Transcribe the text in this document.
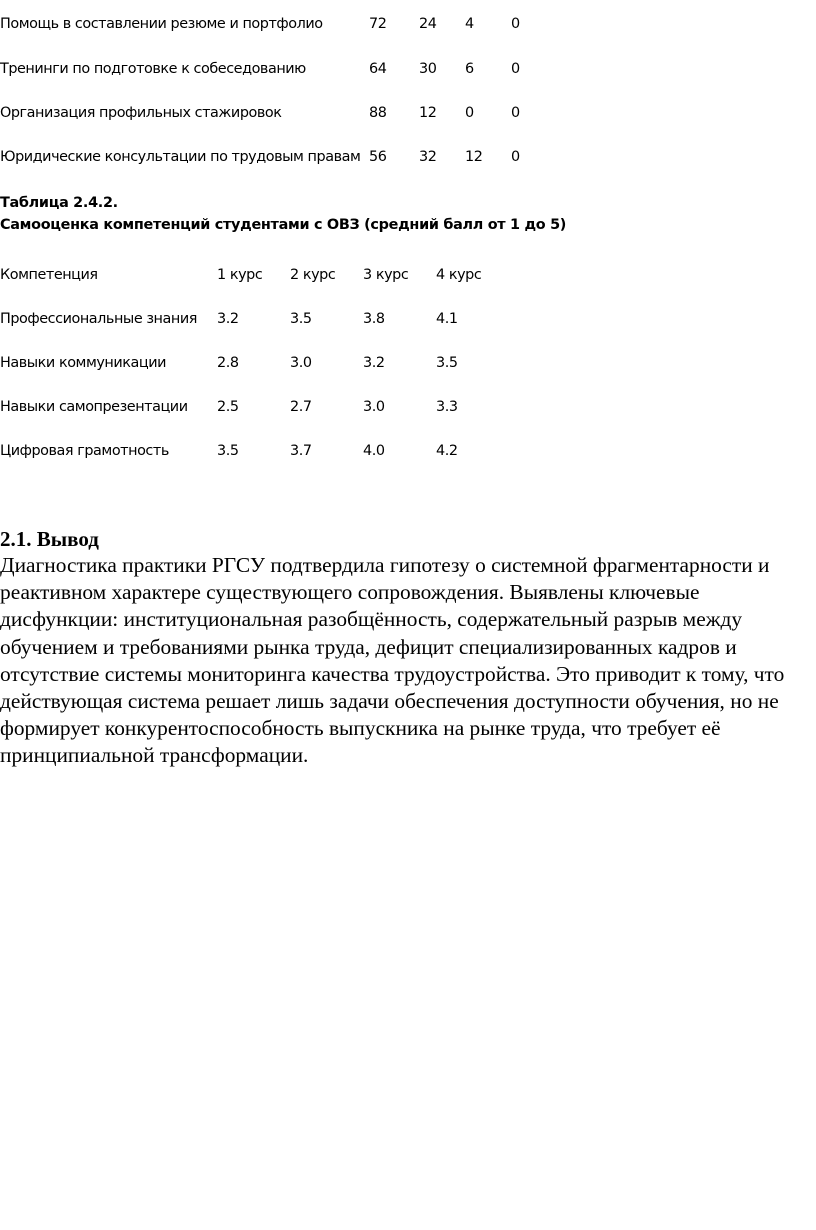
Помощь в составлении резюме и портфолио	72 24 4	0
Тренинги по подготовке к собеседованию	64 30 6	0
Организация профильных стажировок	88 12 0	0
Юридические консультации по трудовым правам 56 32 12 0
Таблица 2.4.2.
Самооценка компетенций студентами с ОВЗ (средний балл от 1 до 5)
Компетенция	1 курс 2 курс 3 курс 4 курс
Профессиональные знания 3.2	3.5	3.8	4.1
Навыки коммуникации	2.8	3.0	3.2	3.5
Навыки самопрезентации 2.5	2.7	3.0	3.3
Цифровая грамотность	3.5	3.7	4.0	4.2
2.1. Вывод

Диагностика практики РГСУ подтвердила гипотезу о системной фрагментарности и реактивном характере существующего сопровождения. Выявлены ключевые дисфункции: институциональная разобщённость, содержательный разрыв между обучением и требованиями рынка труда, дефицит специализированных кадров и отсутствие системы мониторинга качества трудоустройства. Это приводит к тому, что действующая система решает лишь задачи обеспечения доступности обучения, но не формирует конкурентоспособность выпускника на рынке труда, что требует её принципиальной трансформации.
